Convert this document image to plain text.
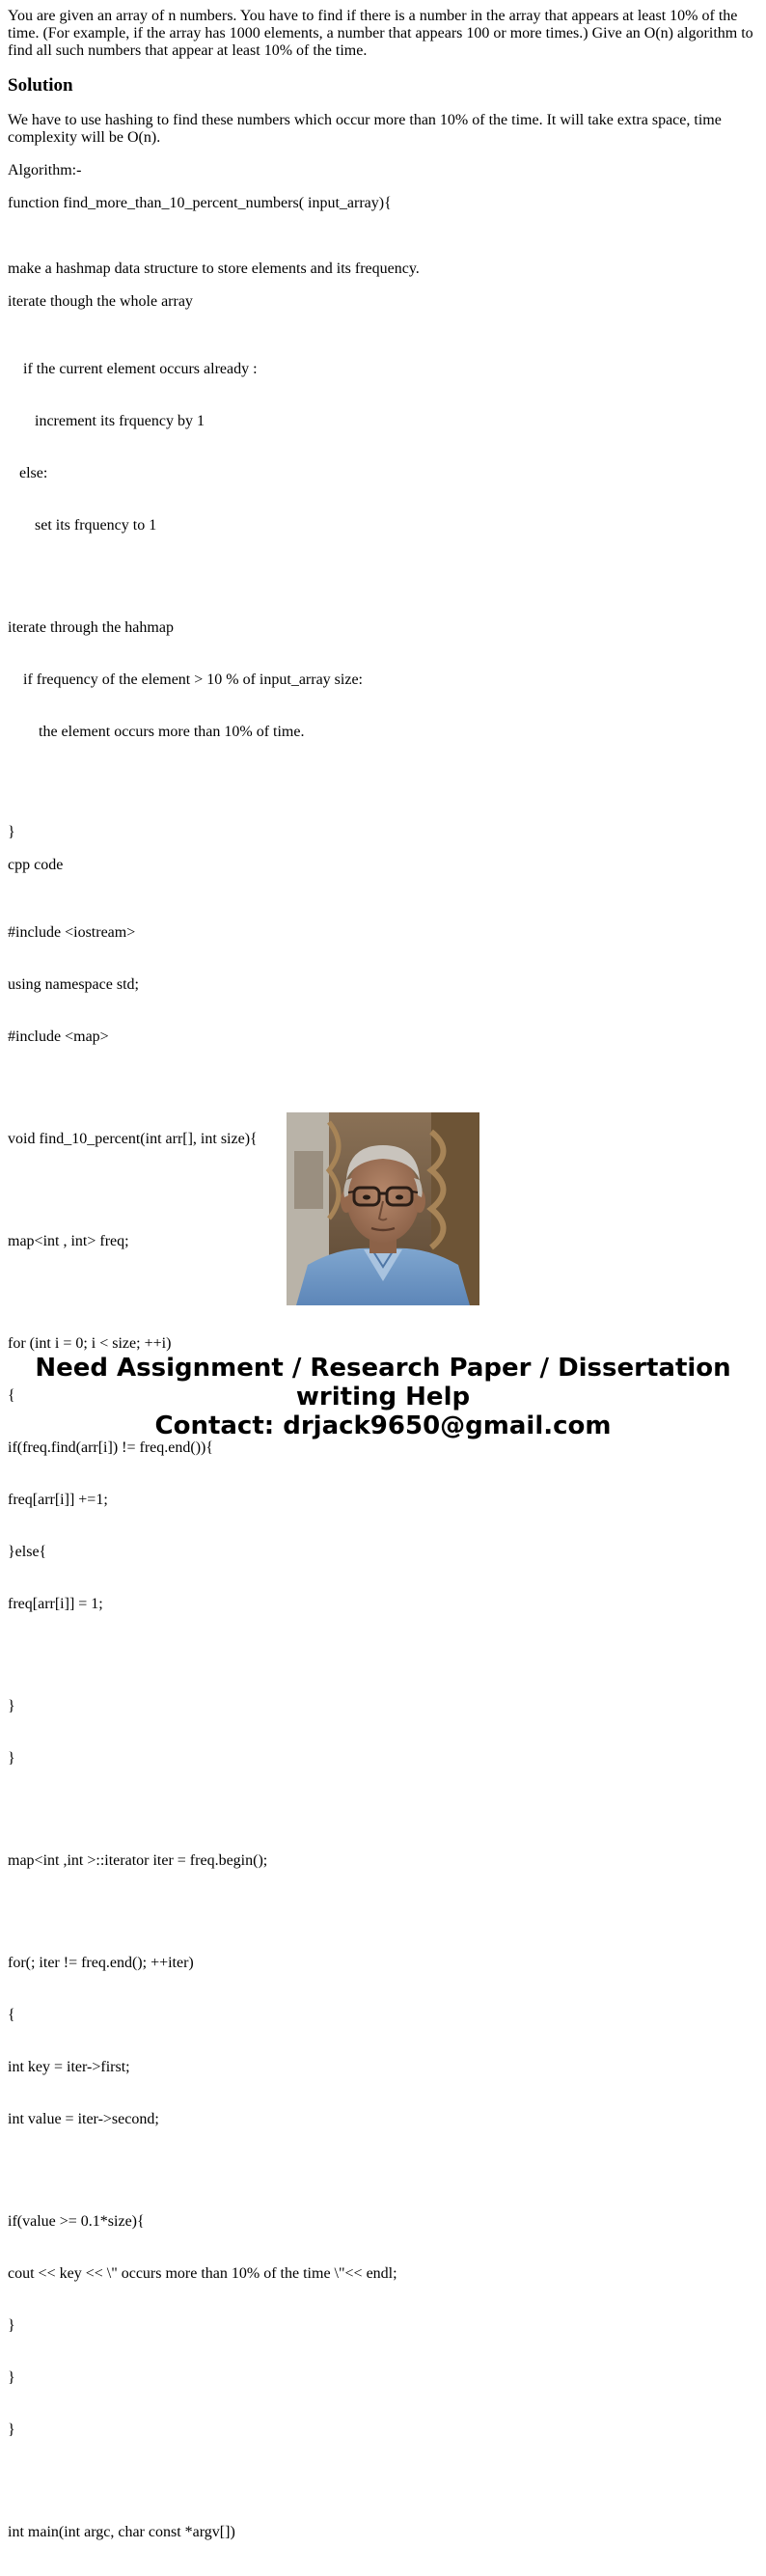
You are given an array of n numbers. You have to find if there is a number in the array that appears at least 10% of the time. (For example, if the array has 1000 elements, a number that appears 100 or more times.) Give an O(n) algorithm to find all such numbers that appear at least 10% of the time.

Solution

We have to use hashing to find these numbers which occur more than 10% of the time. It will take extra space, time complexity will be O(n).

Algorithm:-

function find_more_than_10_percent_numbers( input_array){

make a hashmap data structure to store elements and its frequency.

iterate though the whole array

if the current element occurs already :

increment its frquency by 1

else:

set its frquency to 1

iterate through the hahmap

if frequency of the element > 10 % of input_array size:

the element occurs more than 10% of time.

}

cpp code

#include <iostream>

using namespace std;

#include <map>

void find_10_percent(int arr[], int size){

map<int , int> freq;

for (int i = 0; i < size; ++i)

{

if(freq.find(arr[i]) != freq.end()){

freq[arr[i]] +=1;

}else{

freq[arr[i]] = 1;

}

}

map<int ,int >::iterator iter = freq.begin();

for(; iter != freq.end(); ++iter)

{

int key = iter->first;

int value = iter->second;

if(value >= 0.1*size){

cout << key << \" occurs more than 10% of the time \"<< endl;

}

}

}

int main(int argc, char const *argv[])

Need Assignment / Research Paper / Dissertation
writing Help
Contact: drjack9650@gmail.com
